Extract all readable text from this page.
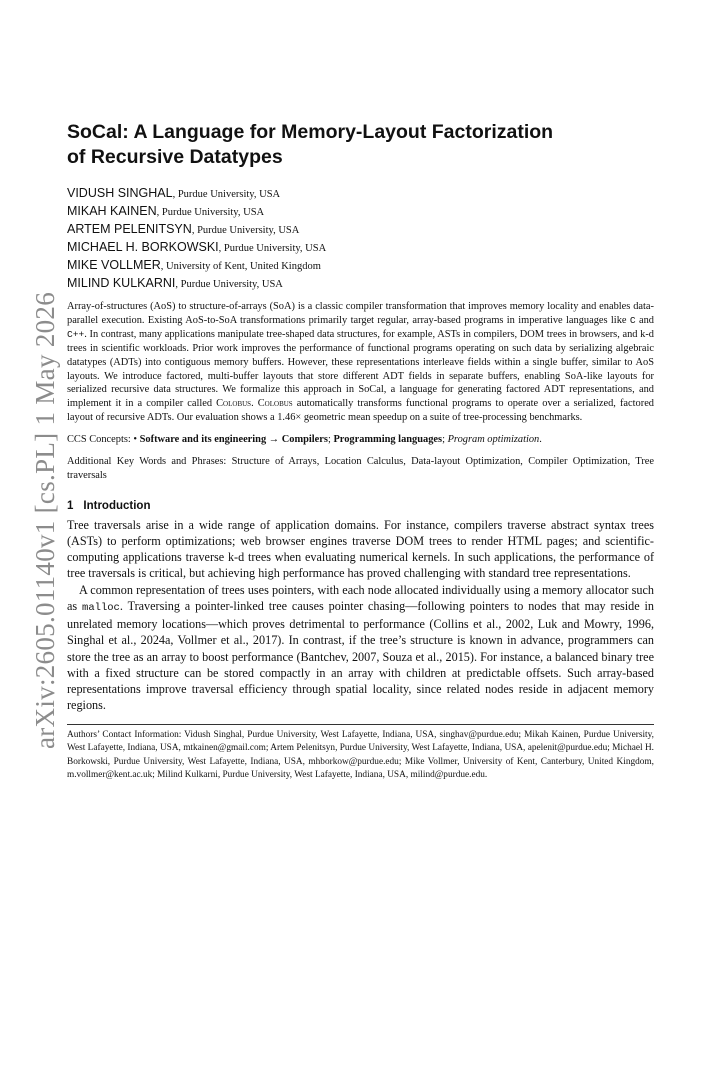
arXiv:2605.01140v1 [cs.PL] 1 May 2026
SoCal: A Language for Memory-Layout Factorization
of Recursive Datatypes
VIDUSH SINGHAL, Purdue University, USA
MIKAH KAINEN, Purdue University, USA
ARTEM PELENITSYN, Purdue University, USA
MICHAEL H. BORKOWSKI, Purdue University, USA
MIKE VOLLMER, University of Kent, United Kingdom
MILIND KULKARNI, Purdue University, USA

Array-of-structures (AoS) to structure-of-arrays (SoA) is a classic compiler transformation that improves memory locality and enables data-parallel execution. Existing AoS-to-SoA transformations primarily target regular, array-based programs in imperative languages like C and C++. In contrast, many applications manipulate tree-shaped data structures, for example, ASTs in compilers, DOM trees in browsers, and k-d trees in scientific workloads. Prior work improves the performance of functional programs operating on such data by serializing algebraic datatypes (ADTs) into contiguous memory buffers. However, these representations interleave fields within a single buffer, similar to AoS layouts. We introduce factored, multi-buffer layouts that store different ADT fields in separate buffers, enabling SoA-like layouts for serialized recursive data structures. We formalize this approach in SoCal, a language for generating factored ADT representations, and implement it in a compiler called Colobus. Colobus automatically transforms functional programs to operate over a serialized, factored layout of recursive ADTs. Our evaluation shows a 1.46× geometric mean speedup on a suite of tree-processing benchmarks.

CCS Concepts: • Software and its engineering → Compilers; Programming languages; Program optimization.
Additional Key Words and Phrases: Structure of Arrays, Location Calculus, Data-layout Optimization, Compiler Optimization, Tree traversals
1 Introduction

Tree traversals arise in a wide range of application domains. For instance, compilers traverse abstract syntax trees (ASTs) to perform optimizations; web browser engines traverse DOM trees to render HTML pages; and scientific-computing applications traverse k-d trees when evaluating numerical kernels. In such applications, the performance of tree traversals is critical, but achieving high performance has proved challenging with standard tree representations.

A common representation of trees uses pointers, with each node allocated individually using a memory allocator such as malloc. Traversing a pointer-linked tree causes pointer chasing—following pointers to nodes that may reside in unrelated memory locations—which proves detrimental to performance (Collins et al., 2002, Luk and Mowry, 1996, Singhal et al., 2024a, Vollmer et al., 2017). In contrast, if the tree’s structure is known in advance, programmers can store the tree as an array to boost performance (Bantchev, 2007, Souza et al., 2015). For instance, a balanced binary tree with a fixed structure can be stored compactly in an array with children at predictable offsets. Such array-based representations improve traversal efficiency through spatial locality, since related nodes reside in adjacent memory regions.

Authors’ Contact Information: Vidush Singhal, Purdue University, West Lafayette, Indiana, USA, singhav@purdue.edu; Mikah Kainen, Purdue University, West Lafayette, Indiana, USA, mtkainen@gmail.com; Artem Pelenitsyn, Purdue University, West Lafayette, Indiana, USA, apelenit@purdue.edu; Michael H. Borkowski, Purdue University, West Lafayette, Indiana, USA, mhborkow@purdue.edu; Mike Vollmer, University of Kent, Canterbury, United Kingdom, m.vollmer@kent.ac.uk; Milind Kulkarni, Purdue University, West Lafayette, Indiana, USA, milind@purdue.edu.
